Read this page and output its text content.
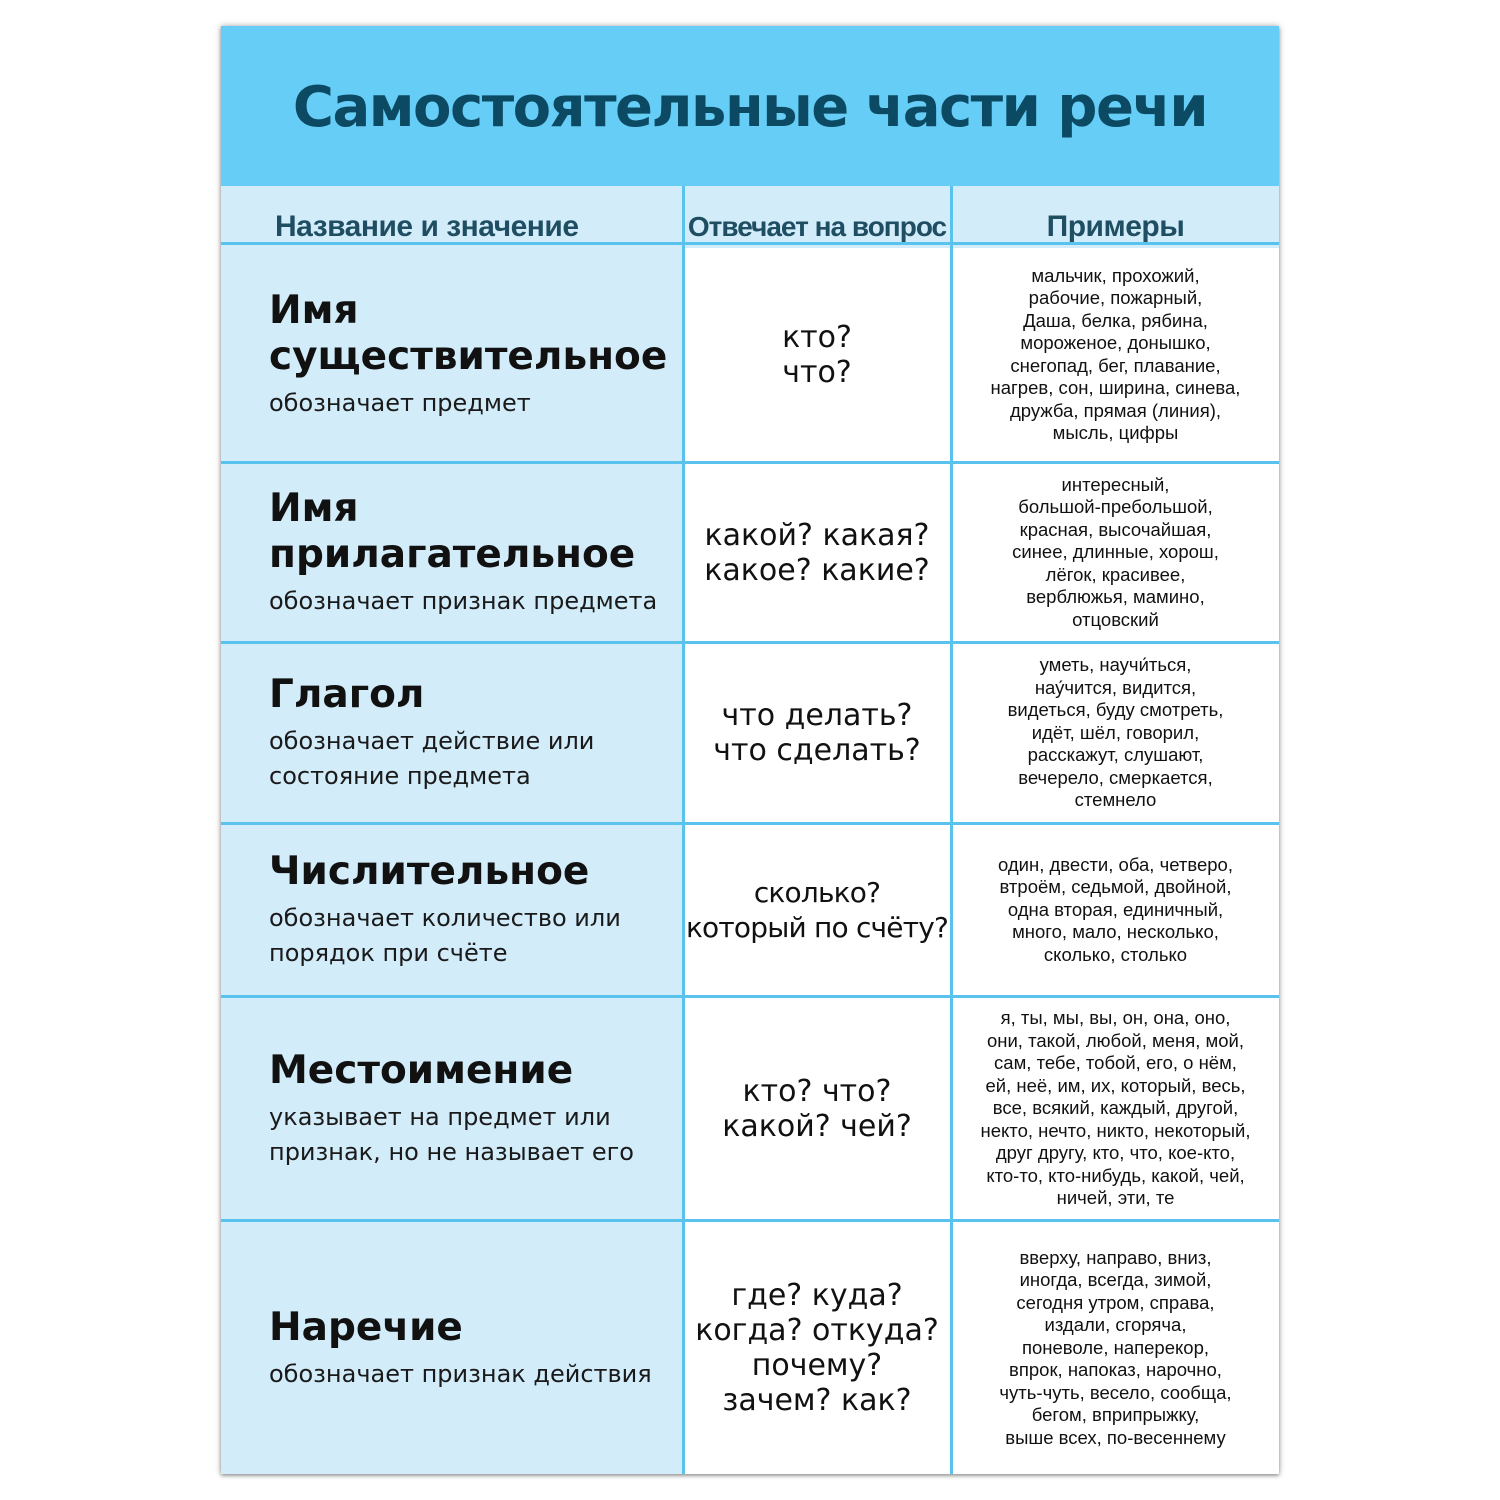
Самостоятельные части речи
Название и значение	Отвечает на вопрос	Примеры
Имя
существительное
обозначает предмет
кто?
что?
мальчик, прохожий,
рабочие, пожарный,
Даша, белка, рябина,
мороженое, донышко,
снегопад, бег, плавание,
нагрев, сон, ширина, синева,
дружба, прямая (линия),
мысль, цифры
Имя
прилагательное
обозначает признак предмета
какой? какая?
какое? какие?
интересный,
большой-пребольшой,
красная, высочайшая,
синее, длинные, хорош,
лёгок, красивее,
верблюжья, мамино,
отцовский
Глагол
обозначает действие или
состояние предмета
что делать?
что сделать?
уметь, научи́ться,
нау́чится, видится,
видеться, буду смотреть,
идёт, шёл, говорил,
расскажут, слушают,
вечерело, смеркается,
стемнело
Числительное
обозначает количество или
порядок при счёте
сколько?
который по счёту?
один, двести, оба, четверо,
втроём, седьмой, двойной,
одна вторая, единичный,
много, мало, несколько,
сколько, столько
Местоимение
указывает на предмет или
признак, но не называет его
кто? что?
какой? чей?
я, ты, мы, вы, он, она, оно,
они, такой, любой, меня, мой,
сам, тебе, тобой, его, о нём,
ей, неё, им, их, который, весь,
все, всякий, каждый, другой,
некто, нечто, никто, некоторый,
друг другу, кто, что, кое-кто,
кто-то, кто-нибудь, какой, чей,
ничей, эти, те
Наречие
обозначает признак действия
где? куда?
когда? откуда?
почему?
зачем? как?
вверху, направо, вниз,
иногда, всегда, зимой,
сегодня утром, справа,
издали, сгоряча,
поневоле, наперекор,
впрок, напоказ, нарочно,
чуть-чуть, весело, сообща,
бегом, вприпрыжку,
выше всех, по-весеннему
